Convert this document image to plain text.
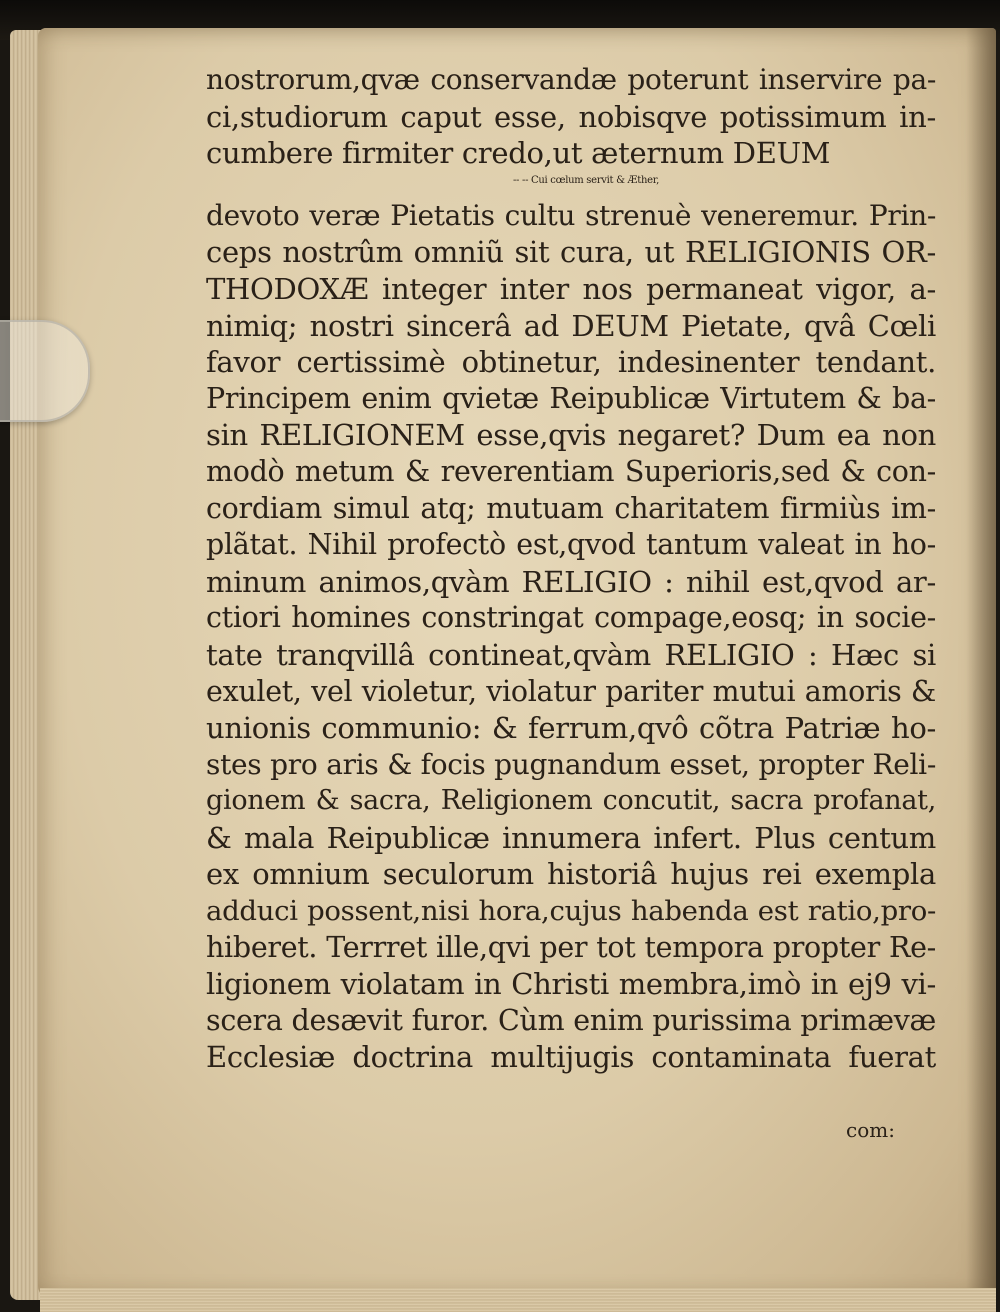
nostrorum,qvæ conservandæ poterunt inservire pa-
ci,studiorum caput esse, nobisqve potissimum in-
cumbere firmiter credo,ut æternum DEUM
-- -- Cui cœlum servit & Æther,
devoto veræ Pietatis cultu strenuè veneremur. Prin-
ceps nostrûm omniũ sit cura, ut RELIGIONIS OR-
THODOXÆ integer inter nos permaneat vigor, a-
nimiq; nostri sincerâ ad DEUM Pietate, qvâ Cœli
favor certissimè obtinetur, indesinenter tendant.
Principem enim qvietæ Reipublicæ Virtutem & ba-
sin RELIGIONEM esse,qvis negaret? Dum ea non
modò metum & reverentiam Superioris,sed & con-
cordiam simul atq; mutuam charitatem firmiùs im-
plãtat. Nihil profectò est,qvod tantum valeat in ho-
minum animos,qvàm RELIGIO : nihil est,qvod ar-
ctiori homines constringat compage,eosq; in socie-
tate tranqvillâ contineat,qvàm RELIGIO : Hæc si
exulet, vel violetur, violatur pariter mutui amoris &
unionis communio: & ferrum,qvô cõtra Patriæ ho-
stes pro aris & focis pugnandum esset, propter Reli-
gionem & sacra, Religionem concutit, sacra profanat,
& mala Reipublicæ innumera infert. Plus centum
ex omnium seculorum historiâ hujus rei exempla
adduci possent,nisi hora,cujus habenda est ratio,pro-
hiberet. Terrret ille,qvi per tot tempora propter Re-
ligionem violatam in Christi membra,imò in ej9 vi-
scera desævit furor. Cùm enim purissima primævæ
Ecclesiæ doctrina multijugis contaminata fuerat
com:
